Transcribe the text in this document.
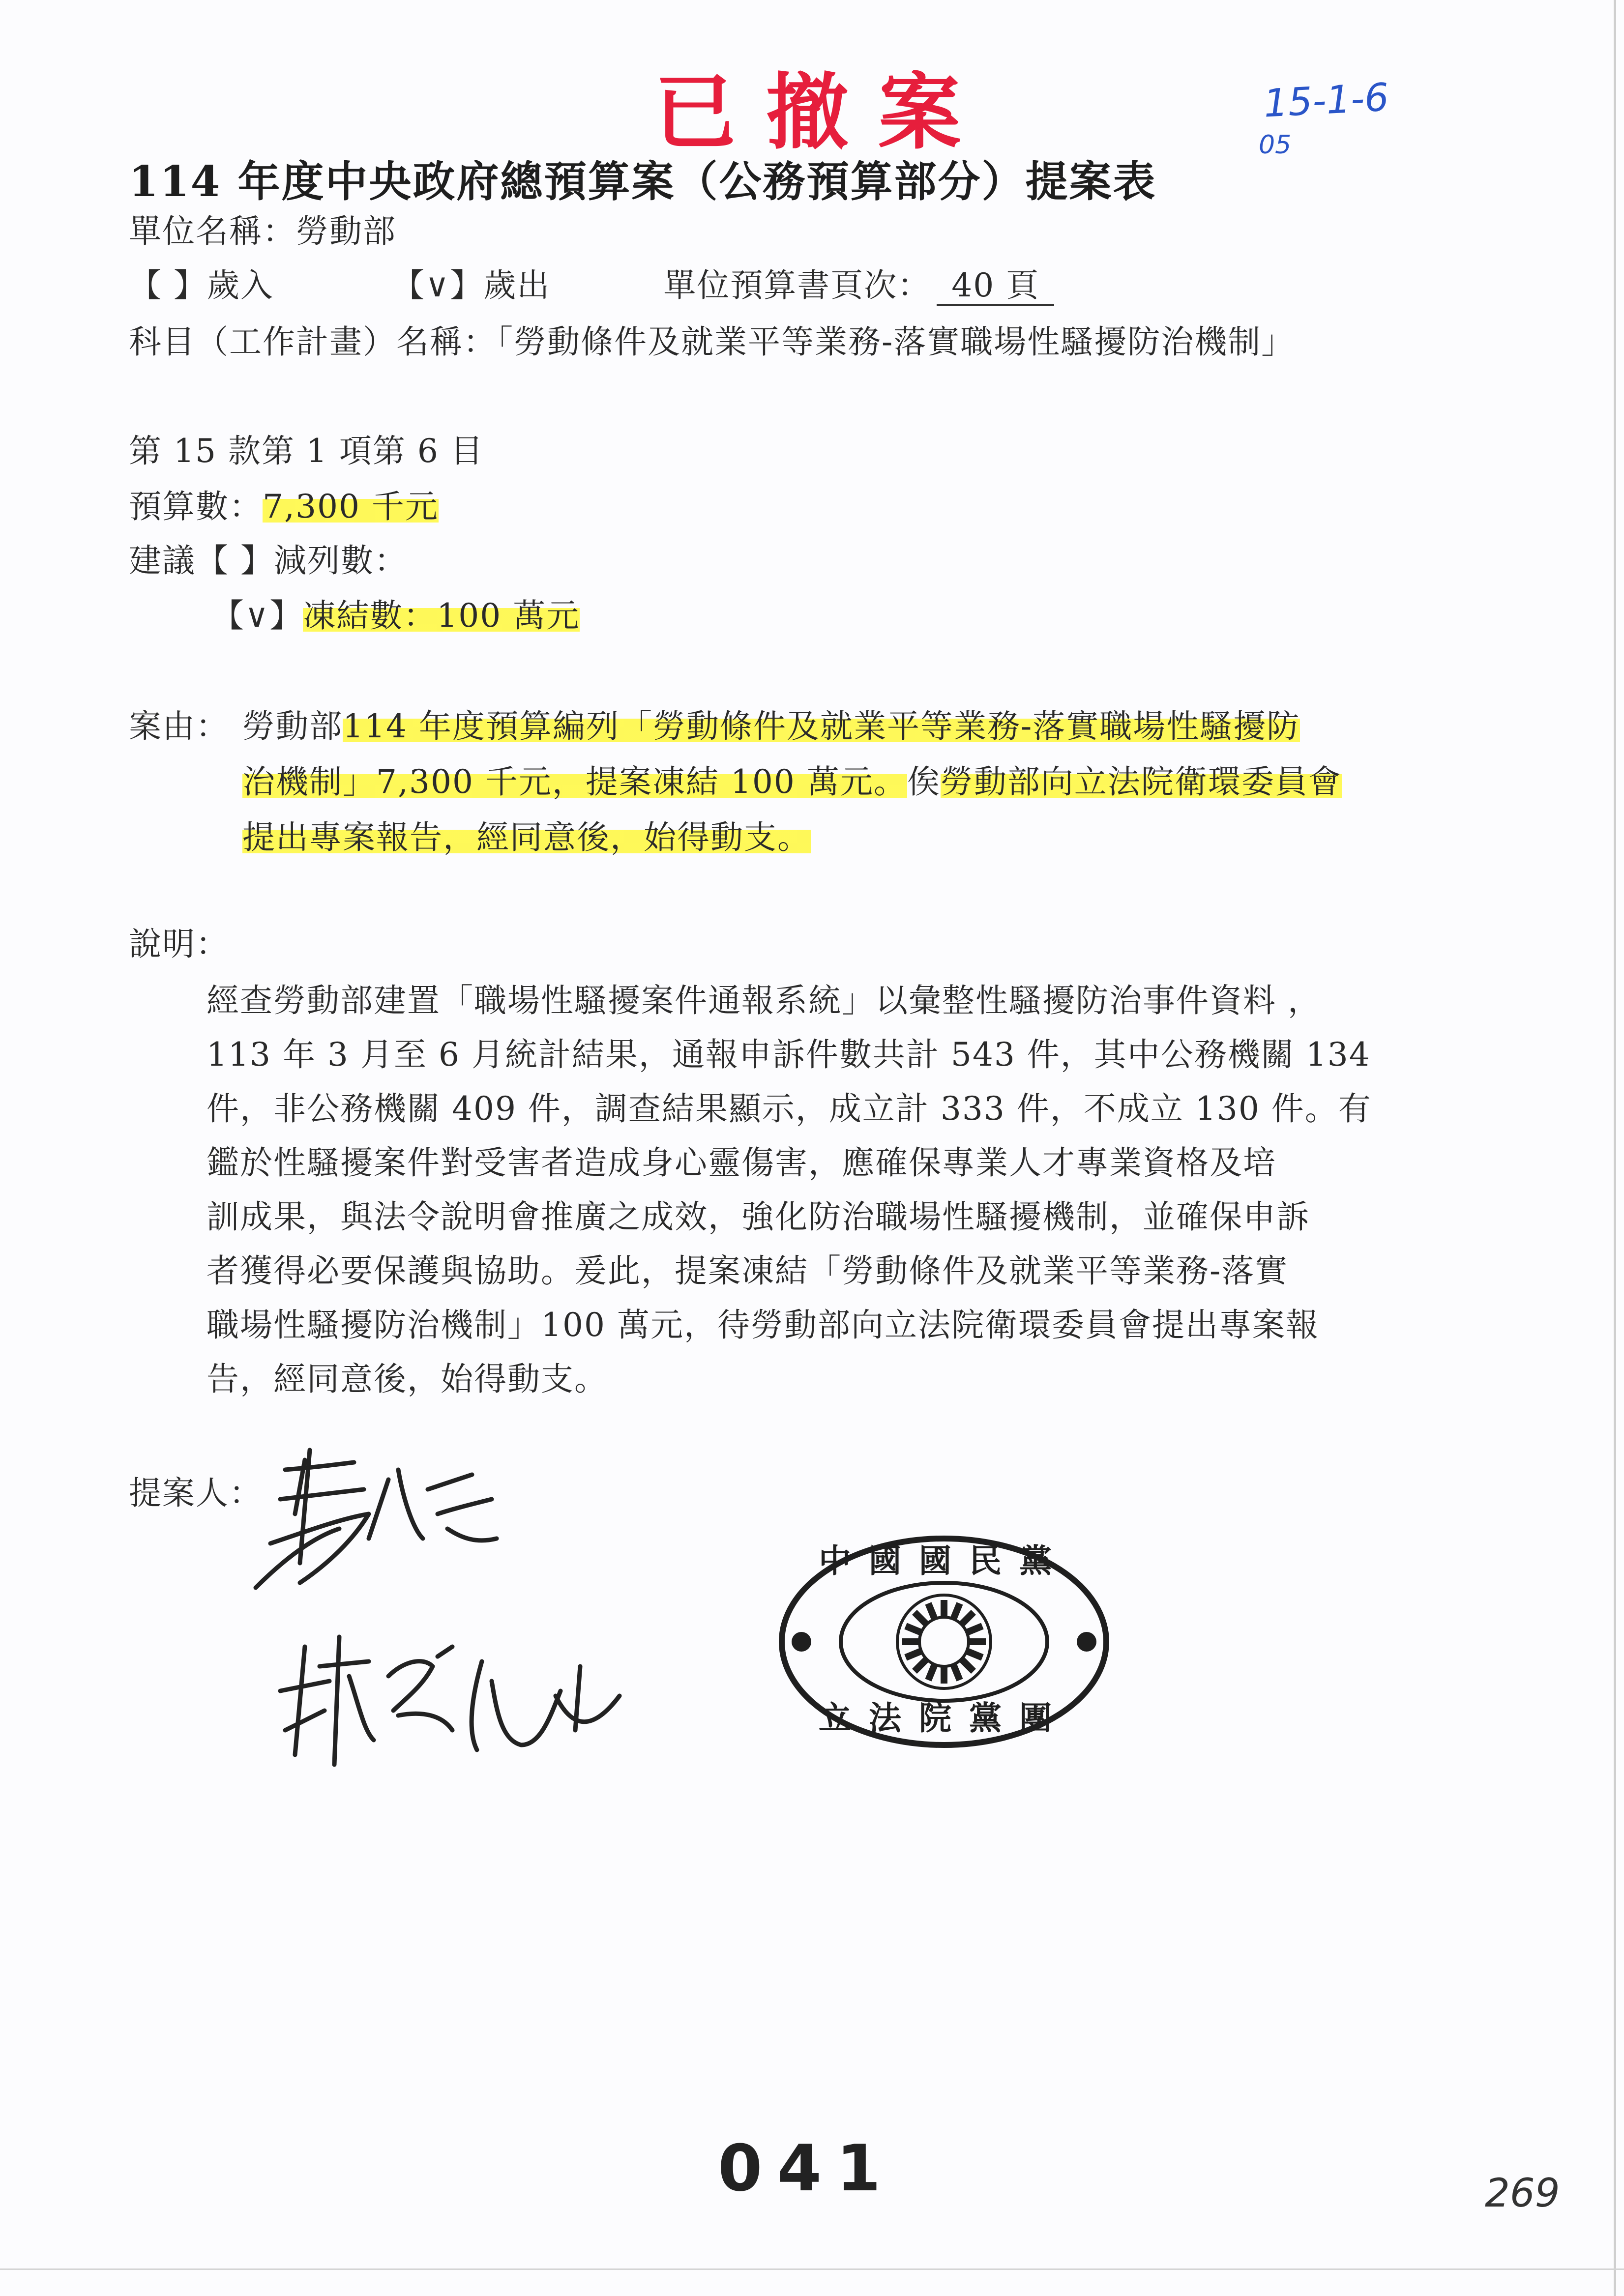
已撤案	15-1-6
05
114 年度中央政府總預算案（公務預算部分）提案表
單位名稱：勞動部
【 】歲入	【∨】歲出	單位預算書頁次： 40 頁
科目（工作計畫）名稱：「勞動條件及就業平等業務-落實職場性騷擾防治機制」
第 15 款第 1 項第 6 目
預算數：7,300 千元
建議【 】減列數：
【∨】凍結數：100 萬元
案由： 勞動部114 年度預算編列「勞動條件及就業平等業務-落實職場性騷擾防
治機制」7,300 千元，提案凍結 100 萬元。俟勞動部向立法院衛環委員會
提出專案報告，經同意後，始得動支。
說明：
經查勞動部建置「職場性騷擾案件通報系統」以彙整性騷擾防治事件資料 ，
113 年 3 月至 6 月統計結果，通報申訴件數共計 543 件，其中公務機關 134
件，非公務機關 409 件，調查結果顯示，成立計 333 件，不成立 130 件。有
鑑於性騷擾案件對受害者造成身心靈傷害，應確保專業人才專業資格及培
訓成果，與法令說明會推廣之成效，強化防治職場性騷擾機制，並確保申訴
者獲得必要保護與協助。爰此，提案凍結「勞動條件及就業平等業務-落實
職場性騷擾防治機制」100 萬元，待勞動部向立法院衛環委員會提出專案報
告，經同意後，始得動支。
提案人：
中國國民黨
立法院黨團
041	269
